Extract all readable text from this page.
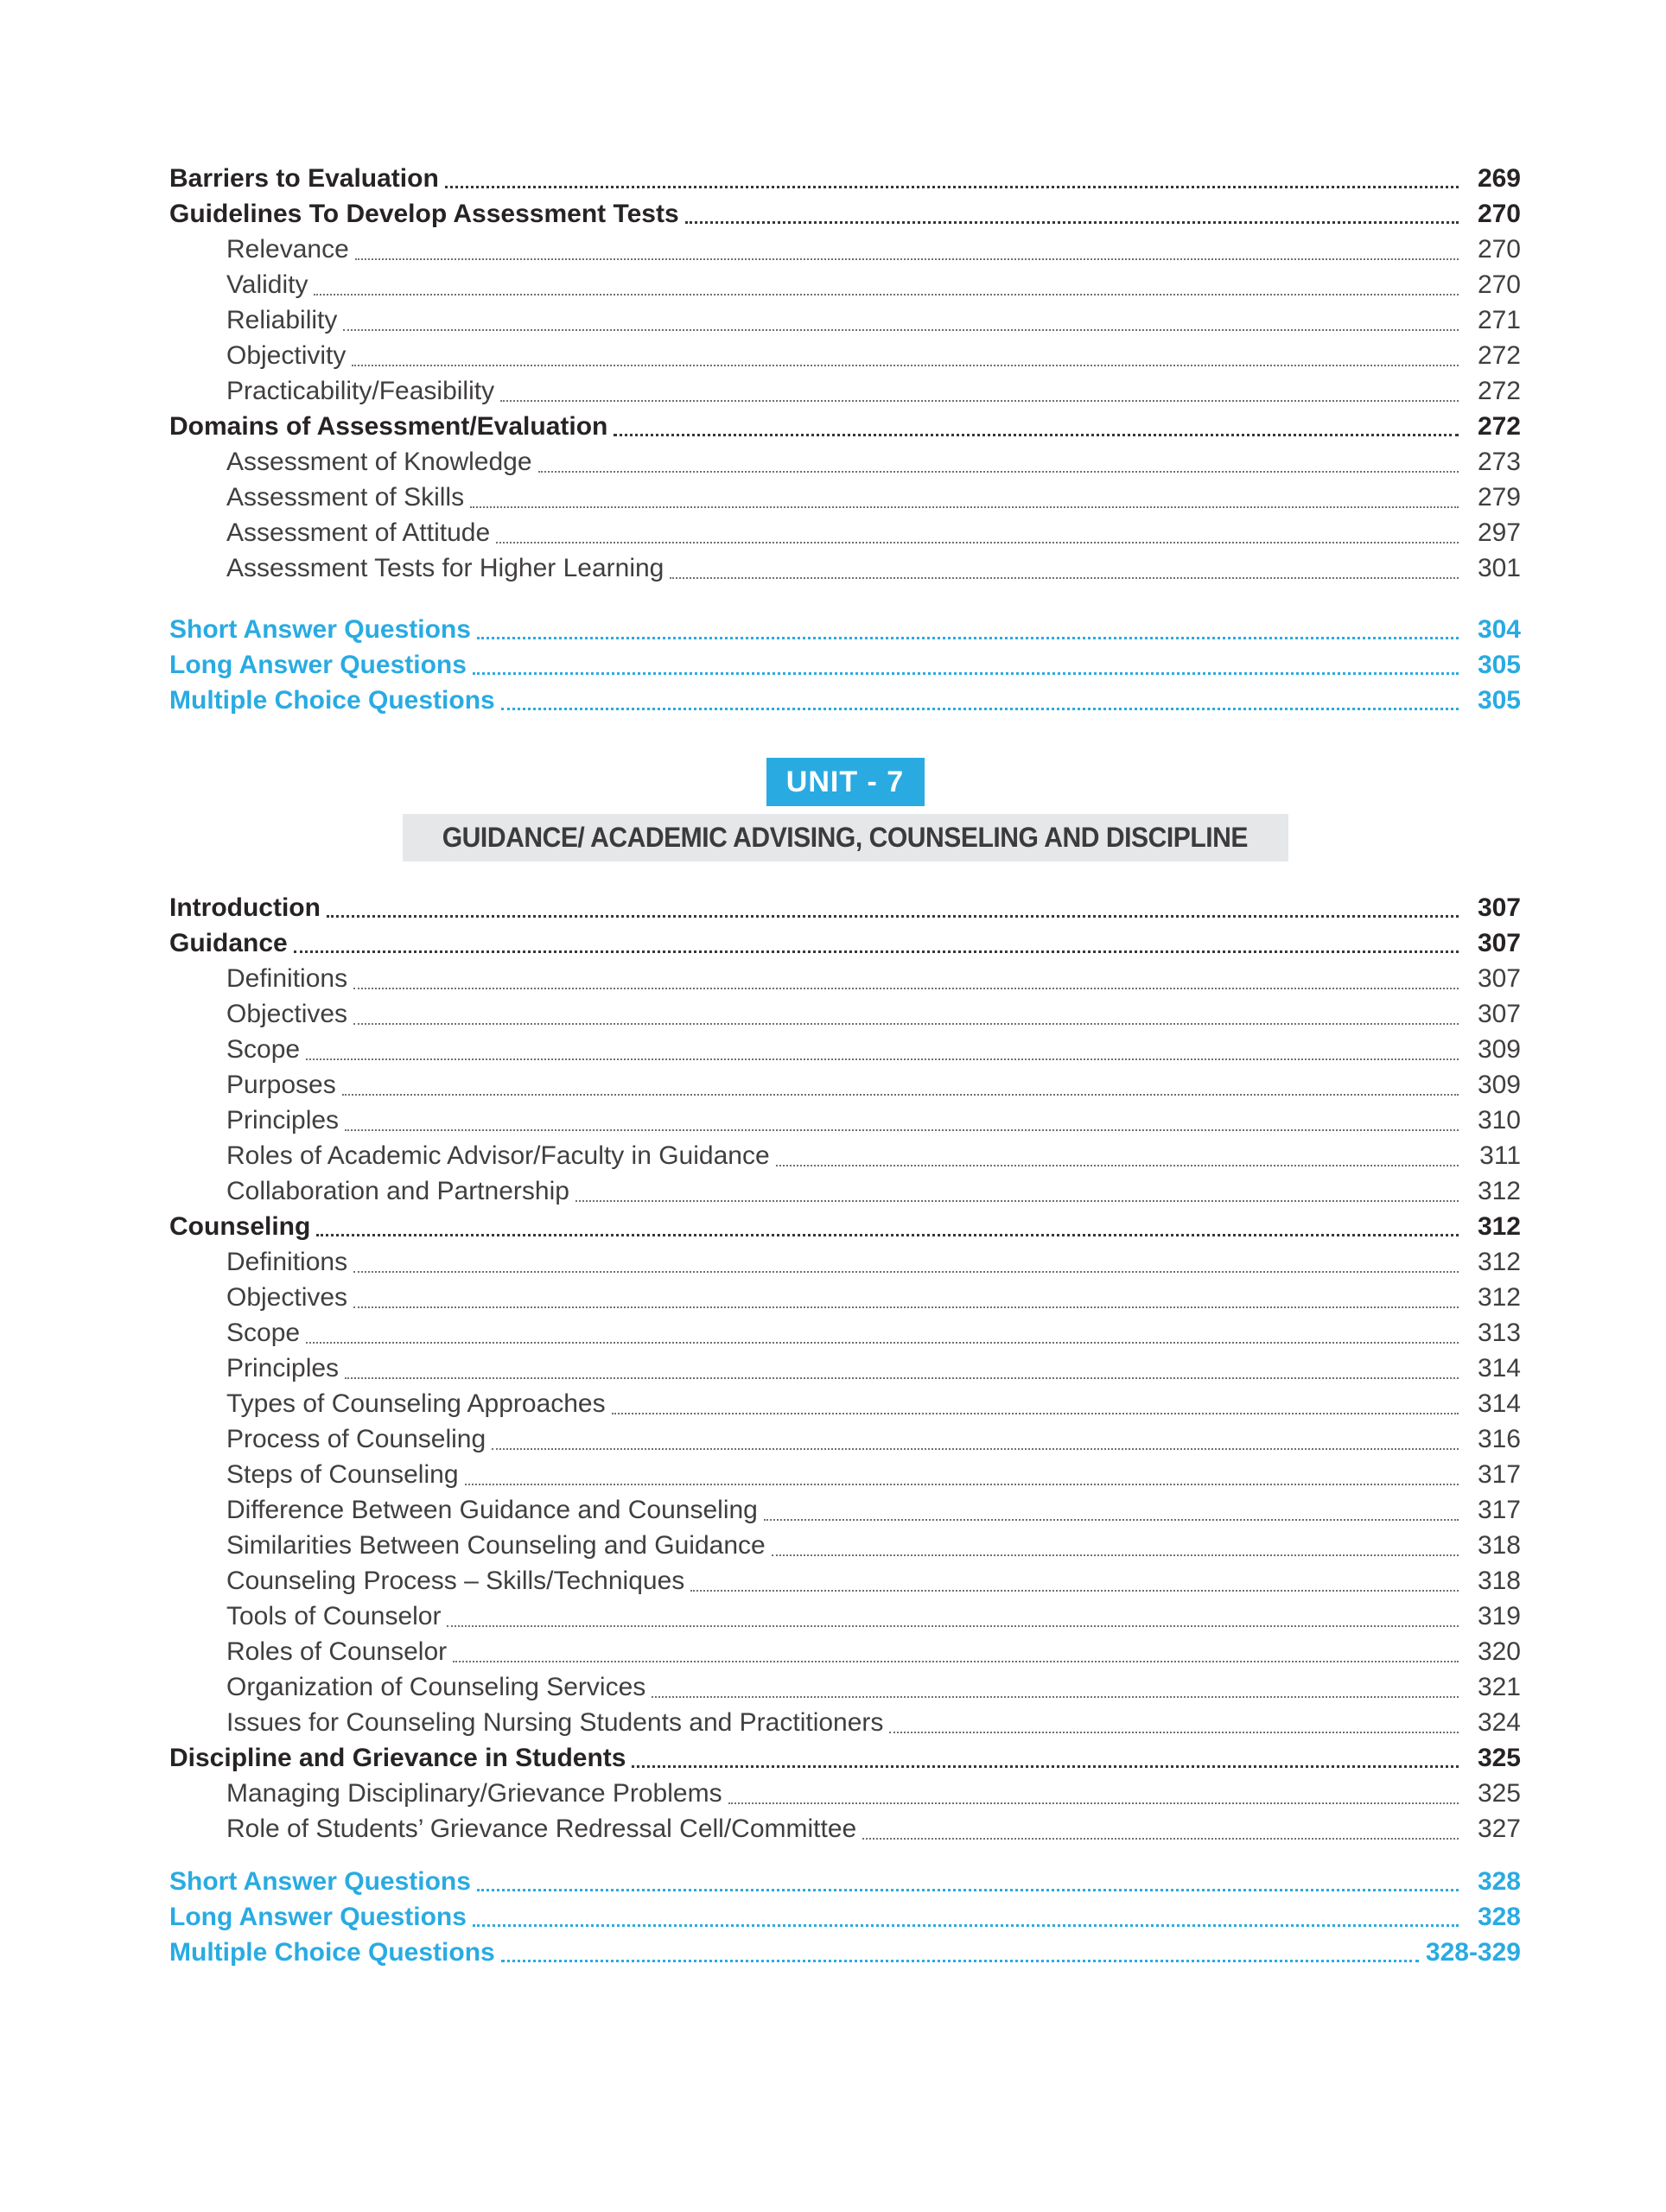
Barriers to Evaluation	269
Guidelines To Develop Assessment Tests	270
Relevance	270
Validity	270
Reliability	271
Objectivity	272
Practicability/Feasibility	272
Domains of Assessment/Evaluation	272
Assessment of Knowledge	273
Assessment of Skills	279
Assessment of Attitude	297
Assessment Tests for Higher Learning	301
Short Answer Questions	304
Long Answer Questions	305
Multiple Choice Questions	305
UNIT - 7
GUIDANCE/ ACADEMIC ADVISING, COUNSELING AND DISCIPLINE
Introduction	307
Guidance	307
Definitions	307
Objectives	307
Scope	309
Purposes	309
Principles	310
Roles of Academic Advisor/Faculty in Guidance	311
Collaboration and Partnership	312
Counseling	312
Definitions	312
Objectives	312
Scope	313
Principles	314
Types of Counseling Approaches	314
Process of Counseling	316
Steps of Counseling	317
Difference Between Guidance and Counseling	317
Similarities Between Counseling and Guidance	318
Counseling Process – Skills/Techniques	318
Tools of Counselor	319
Roles of Counselor	320
Organization of Counseling Services	321
Issues for Counseling Nursing Students and Practitioners	324
Discipline and Grievance in Students	325
Managing Disciplinary/Grievance Problems	325
Role of Students’ Grievance Redressal Cell/Committee	327
Short Answer Questions	328
Long Answer Questions	328
Multiple Choice Questions	328-329
